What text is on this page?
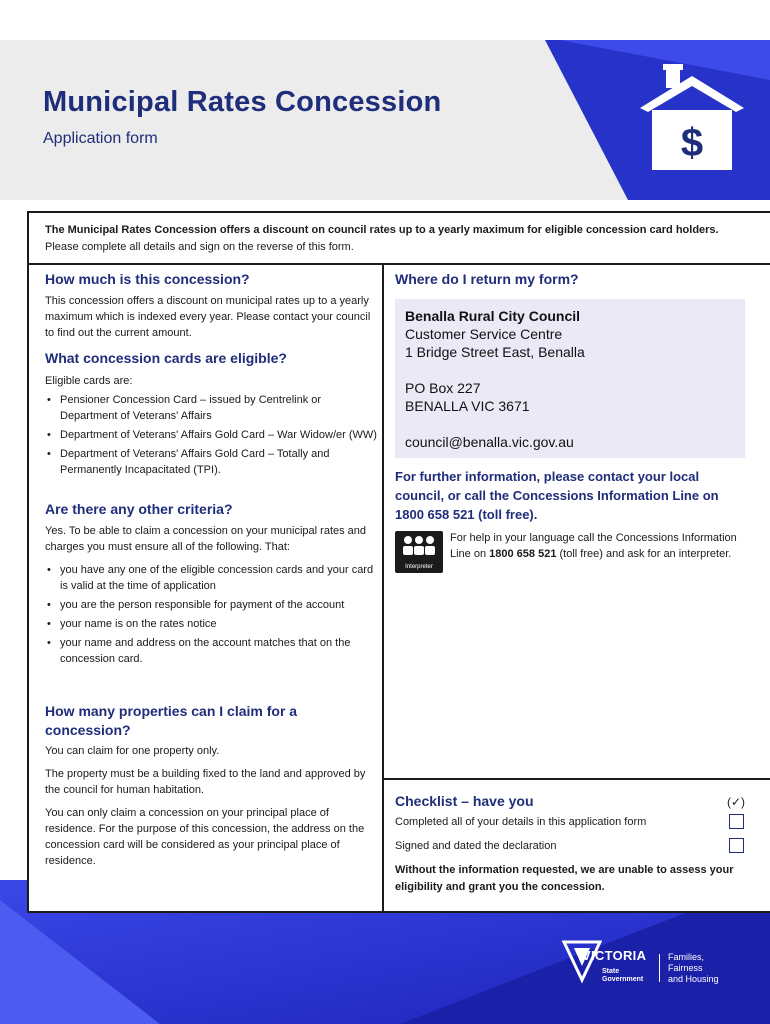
Municipal Rates Concession
Application form	$
The Municipal Rates Concession offers a discount on council rates up to a yearly maximum for eligible concession card holders. Please complete all details and sign on the reverse of this form.
How much is this concession?
This concession offers a discount on municipal rates up to a yearly maximum which is indexed every year. Please contact your council to find out the current amount.
What concession cards are eligible?
Eligible cards are:
• Pensioner Concession Card – issued by Centrelink or Department of Veterans' Affairs
• Department of Veterans' Affairs Gold Card – War Widow/er (WW)
• Department of Veterans' Affairs Gold Card – Totally and Permanently Incapacitated (TPI).
Are there any other criteria?
Yes. To be able to claim a concession on your municipal rates and charges you must ensure all of the following. That:
• you have any one of the eligible concession cards and your card is valid at the time of application
• you are the person responsible for payment of the account
• your name is on the rates notice
• your name and address on the account matches that on the concession card.
How many properties can I claim for a concession?
You can claim for one property only.
The property must be a building fixed to the land and approved by the council for human habitation.
You can only claim a concession on your principal place of residence. For the purpose of this concession, the address on the concession card will be considered as your principal place of residence.
Where do I return my form?
Benalla Rural City Council
Customer Service Centre
1 Bridge Street East, Benalla
PO Box 227
BENALLA VIC 3671
council@benalla.vic.gov.au
For further information, please contact your local council, or call the Concessions Information Line on 1800 658 521 (toll free).
Interpreter
For help in your language call the Concessions Information Line on 1800 658 521 (toll free) and ask for an interpreter.
Checklist – have you	(✓)
Completed all of your details in this application form
Signed and dated the declaration
Without the information requested, we are unable to assess your eligibility and grant you the concession.
VICTORIA
State
Government
Families,
Fairness
and Housing
